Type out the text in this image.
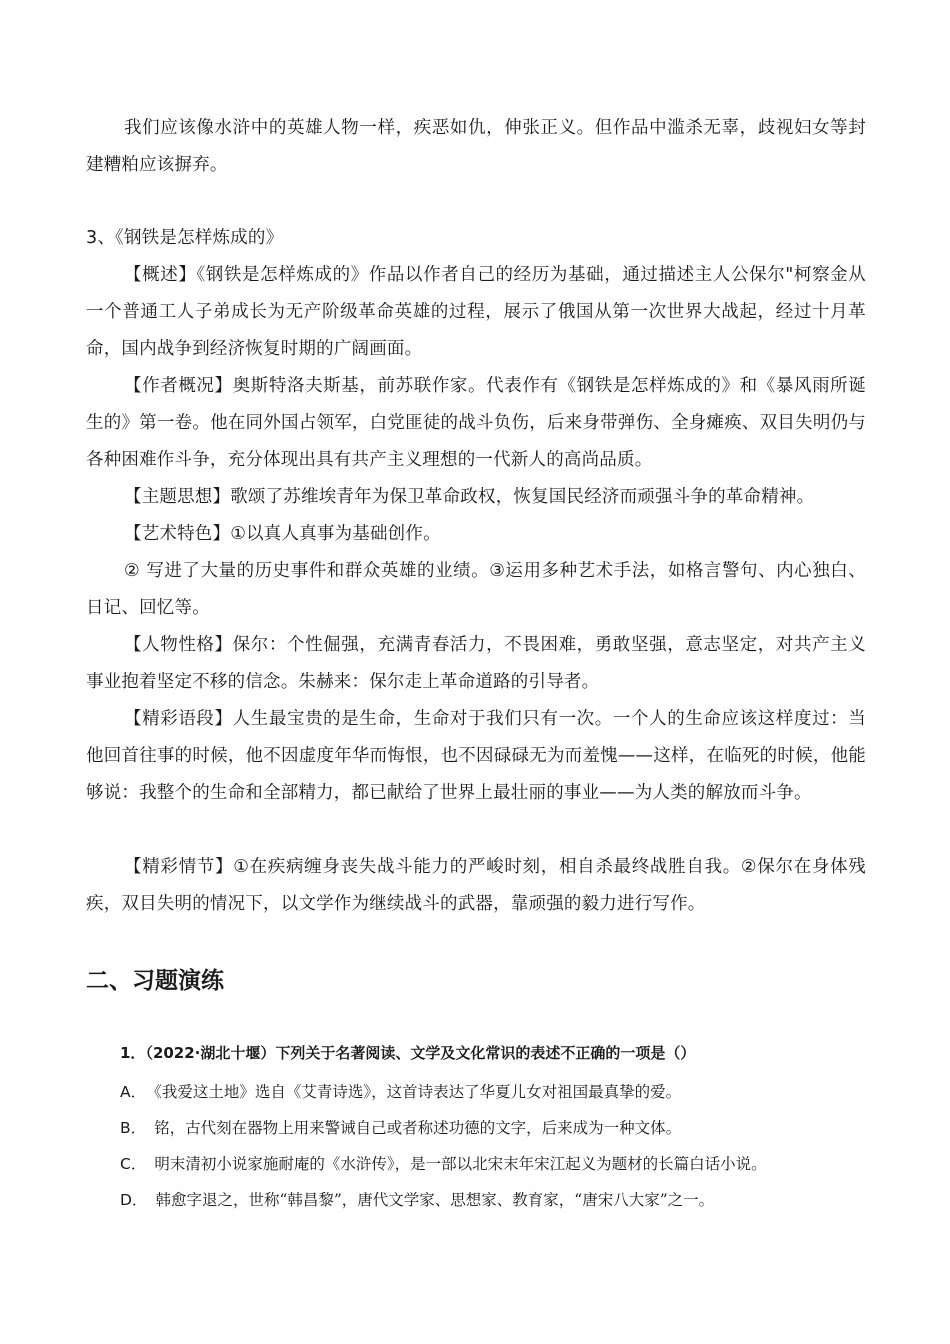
我们应该像水浒中的英雄人物一样，疾恶如仇，伸张正义。但作品中滥杀无辜，歧视妇女等封建糟粕应该摒弃。

3、《钢铁是怎样炼成的》

【概述】《钢铁是怎样炼成的》作品以作者自己的经历为基础，通过描述主人公保尔"柯察金从一个普通工人子弟成长为无产阶级革命英雄的过程，展示了俄国从第一次世界大战起，经过十月革命，国内战争到经济恢复时期的广阔画面。

【作者概况】奥斯特洛夫斯基，前苏联作家。代表作有《钢铁是怎样炼成的》和《暴风雨所诞生的》第一卷。他在同外国占领军，白党匪徒的战斗负伤，后来身带弹伤、全身瘫痪、双目失明仍与各种困难作斗争，充分体现出具有共产主义理想的一代新人的高尚品质。

【主题思想】歌颂了苏维埃青年为保卫革命政权，恢复国民经济而顽强斗争的革命精神。

【艺术特色】①以真人真事为基础创作。

② 写进了大量的历史事件和群众英雄的业绩。③运用多种艺术手法，如格言警句、内心独白、日记、回忆等。

【人物性格】保尔：个性倔强，充满青春活力，不畏困难，勇敢坚强，意志坚定，对共产主义事业抱着坚定不移的信念。朱赫来：保尔走上革命道路的引导者。

【精彩语段】人生最宝贵的是生命，生命对于我们只有一次。一个人的生命应该这样度过：当他回首往事的时候，他不因虚度年华而悔恨，也不因碌碌无为而羞愧——这样，在临死的时候，他能够说：我整个的生命和全部精力，都已献给了世界上最壮丽的事业——为人类的解放而斗争。

【精彩情节】①在疾病缠身丧失战斗能力的严峻时刻，相自杀最终战胜自我。②保尔在身体残疾，双目失明的情况下，以文学作为继续战斗的武器，靠顽强的毅力进行写作。

二、习题演练
1．（2022·湖北十堰）下列关于名著阅读、文学及文化常识的表述不正确的一项是（）
A． 《我爱这土地》选自《艾青诗选》，这首诗表达了华夏儿女对祖国最真挚的爱。
B． 铭，古代刻在器物上用来警诫自己或者称述功德的文字，后来成为一种文体。
C． 明末清初小说家施耐庵的《水浒传》，是一部以北宋末年宋江起义为题材的长篇白话小说。
D． 韩愈字退之，世称“韩昌黎”，唐代文学家、思想家、教育家，“唐宋八大家”之一。
